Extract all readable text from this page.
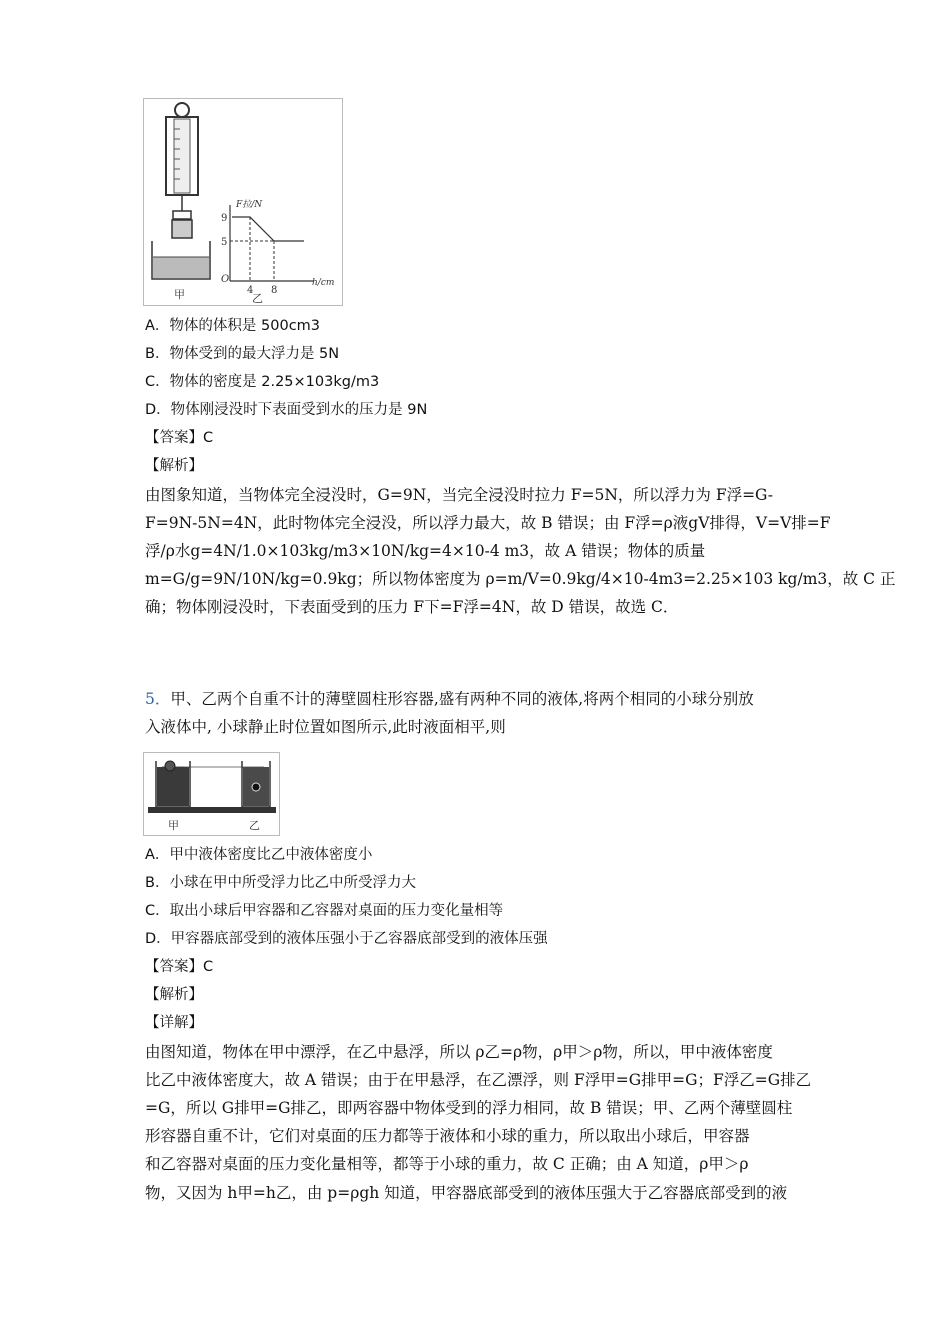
甲
F拉/N
9
5
O
4 8
h/cm
乙
A．物体的体积是 500cm3
B．物体受到的最大浮力是 5N
C．物体的密度是 2.25×103kg/m3
D．物体刚浸没时下表面受到水的压力是 9N
【答案】C
【解析】
由图象知道，当物体完全浸没时，G=9N，当完全浸没时拉力 F=5N，所以浮力为 F浮=G-
F=9N-5N=4N，此时物体完全浸没，所以浮力最大，故 B 错误；由 F浮=ρ液gV排得，V=V排=F
浮/ρ水g=4N/1.0×103kg/m3×10N/kg=4×10-4 m3，故 A 错误；物体的质量
m=G/g=9N/10N/kg=0.9kg；所以物体密度为 ρ=m/V=0.9kg/4×10-4m3=2.25×103 kg/m3，故 C 正
确；物体刚浸没时，下表面受到的压力 F下=F浮=4N，故 D 错误，故选 C．
5．甲、乙两个自重不计的薄壁圆柱形容器,盛有两种不同的液体,将两个相同的小球分别放
入液体中, 小球静止时位置如图所示,此时液面相平,则
甲	乙
A．甲中液体密度比乙中液体密度小
B．小球在甲中所受浮力比乙中所受浮力大
C．取出小球后甲容器和乙容器对桌面的压力变化量相等
D．甲容器底部受到的液体压强小于乙容器底部受到的液体压强
【答案】C
【解析】
【详解】
由图知道，物体在甲中漂浮，在乙中悬浮，所以 ρ乙=ρ物，ρ甲＞ρ物，所以，甲中液体密度
比乙中液体密度大，故 A 错误；由于在甲悬浮，在乙漂浮，则 F浮甲=G排甲=G；F浮乙=G排乙
=G，所以 G排甲=G排乙，即两容器中物体受到的浮力相同，故 B 错误；甲、乙两个薄壁圆柱
形容器自重不计，它们对桌面的压力都等于液体和小球的重力，所以取出小球后，甲容器
和乙容器对桌面的压力变化量相等，都等于小球的重力，故 C 正确；由 A 知道，ρ甲＞ρ
物，又因为 h甲=h乙，由 p=ρgh 知道，甲容器底部受到的液体压强大于乙容器底部受到的液
